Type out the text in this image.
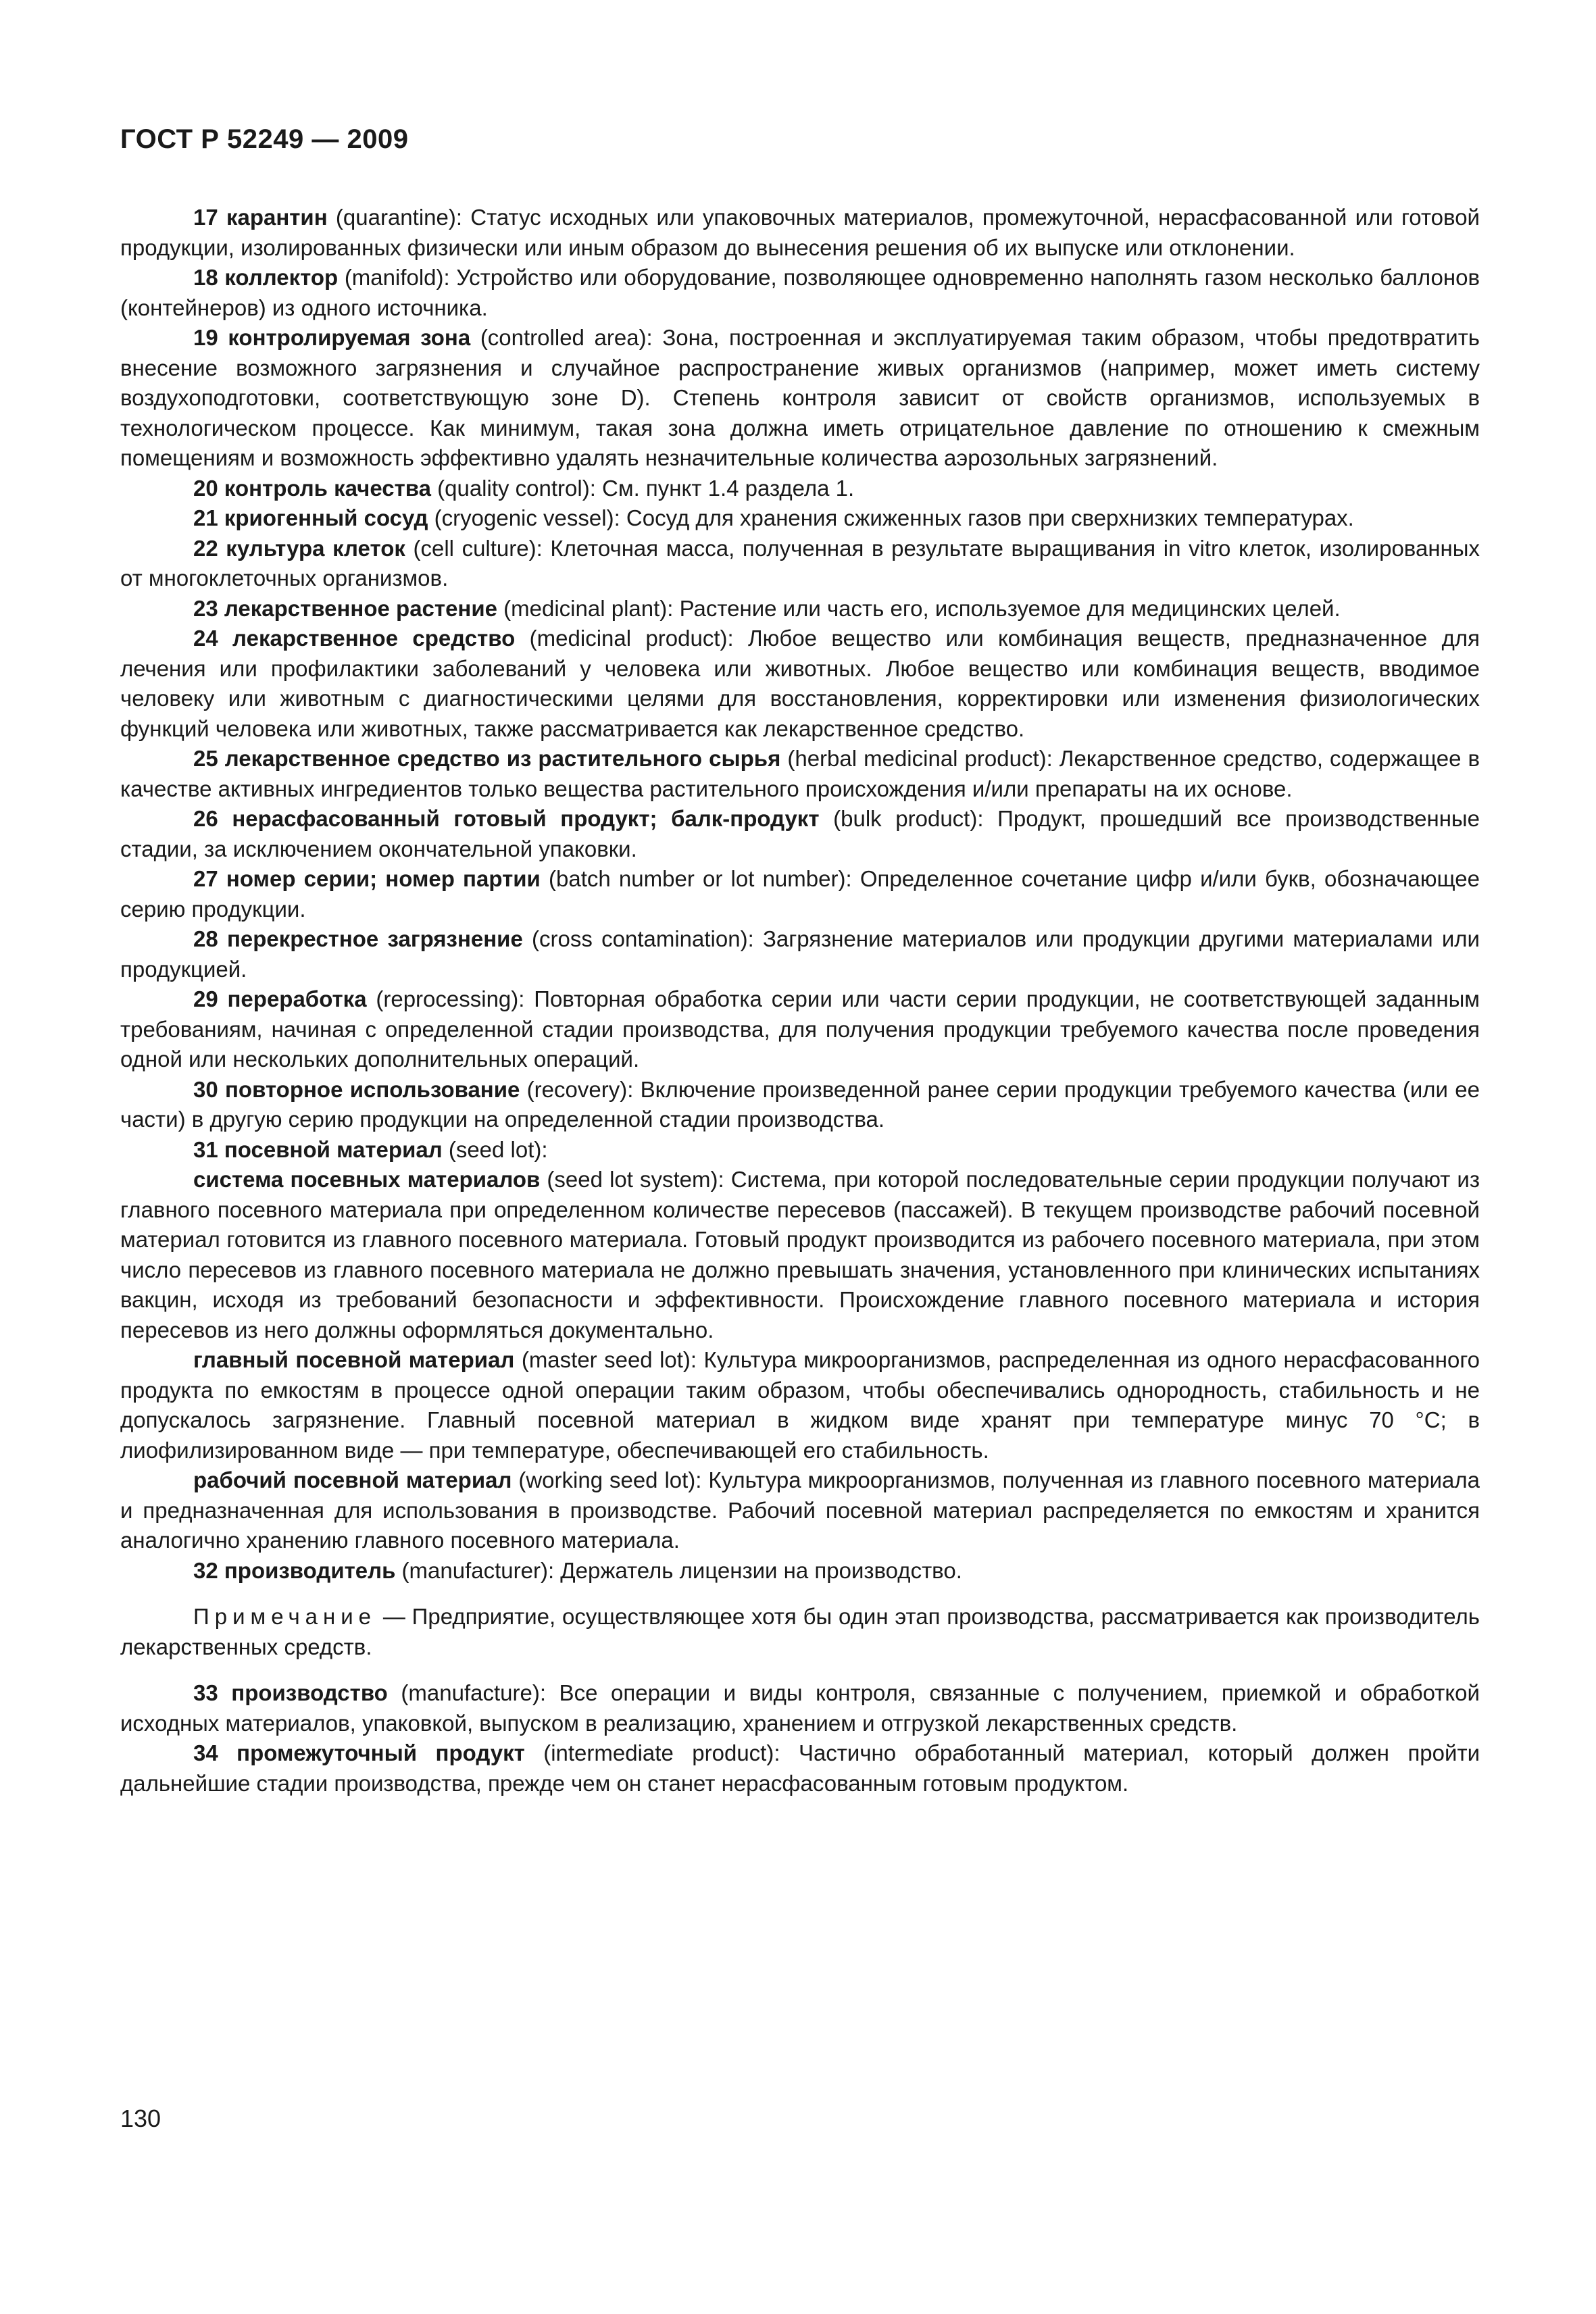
ГОСТ Р 52249 — 2009

17 карантин (quarantine): Статус исходных или упаковочных материалов, промежуточной, нерасфасованной или готовой продукции, изолированных физически или иным образом до вынесения решения об их выпуске или отклонении.

18 коллектор (manifold): Устройство или оборудование, позволяющее одновременно наполнять газом несколько баллонов (контейнеров) из одного источника.

19 контролируемая зона (controlled area): Зона, построенная и эксплуатируемая таким образом, чтобы предотвратить внесение возможного загрязнения и случайное распространение живых организмов (например, может иметь систему воздухоподготовки, соответствующую зоне D). Степень контроля зависит от свойств организмов, используемых в технологическом процессе. Как минимум, такая зона должна иметь отрицательное давление по отношению к смежным помещениям и возможность эффективно удалять незначительные количества аэрозольных загрязнений.

20 контроль качества (quality control): См. пункт 1.4 раздела 1.

21 криогенный сосуд (cryogenic vessel): Сосуд для хранения сжиженных газов при сверхнизких температурах.

22 культура клеток (cell culture): Клеточная масса, полученная в результате выращивания in vitro клеток, изолированных от многоклеточных организмов.

23 лекарственное растение (medicinal plant): Растение или часть его, используемое для медицинских целей.

24 лекарственное средство (medicinal product): Любое вещество или комбинация веществ, предназначенное для лечения или профилактики заболеваний у человека или животных. Любое вещество или комбинация веществ, вводимое человеку или животным с диагностическими целями для восстановления, корректировки или изменения физиологических функций человека или животных, также рассматривается как лекарственное средство.

25 лекарственное средство из растительного сырья (herbal medicinal product): Лекарственное средство, содержащее в качестве активных ингредиентов только вещества растительного происхождения и/или препараты на их основе.

26 нерасфасованный готовый продукт; балк-продукт (bulk product): Продукт, прошедший все производственные стадии, за исключением окончательной упаковки.

27 номер серии; номер партии (batch number or lot number): Определенное сочетание цифр и/или букв, обозначающее серию продукции.

28 перекрестное загрязнение (cross contamination): Загрязнение материалов или продукции другими материалами или продукцией.

29 переработка (reprocessing): Повторная обработка серии или части серии продукции, не соответствующей заданным требованиям, начиная с определенной стадии производства, для получения продукции требуемого качества после проведения одной или нескольких дополнительных операций.

30 повторное использование (recovery): Включение произведенной ранее серии продукции требуемого качества (или ее части) в другую серию продукции на определенной стадии производства.

31 посевной материал (seed lot):

система посевных материалов (seed lot system): Система, при которой последовательные серии продукции получают из главного посевного материала при определенном количестве пересевов (пассажей). В текущем производстве рабочий посевной материал готовится из главного посевного материала. Готовый продукт производится из рабочего посевного материала, при этом число пересевов из главного посевного материала не должно превышать значения, установленного при клинических испытаниях вакцин, исходя из требований безопасности и эффективности. Происхождение главного посевного материала и история пересевов из него должны оформляться документально.

главный посевной материал (master seed lot): Культура микроорганизмов, распределенная из одного нерасфасованного продукта по емкостям в процессе одной операции таким образом, чтобы обеспечивались однородность, стабильность и не допускалось загрязнение. Главный посевной материал в жидком виде хранят при температуре минус 70 °С; в лиофилизированном виде — при температуре, обеспечивающей его стабильность.

рабочий посевной материал (working seed lot): Культура микроорганизмов, полученная из главного посевного материала и предназначенная для использования в производстве. Рабочий посевной материал распределяется по емкостям и хранится аналогично хранению главного посевного материала.

32 производитель (manufacturer): Держатель лицензии на производство.

Примечание — Предприятие, осуществляющее хотя бы один этап производства, рассматривается как производитель лекарственных средств.

33 производство (manufacture): Все операции и виды контроля, связанные с получением, приемкой и обработкой исходных материалов, упаковкой, выпуском в реализацию, хранением и отгрузкой лекарственных средств.

34 промежуточный продукт (intermediate product): Частично обработанный материал, который должен пройти дальнейшие стадии производства, прежде чем он станет нерасфасованным готовым продуктом.

130
